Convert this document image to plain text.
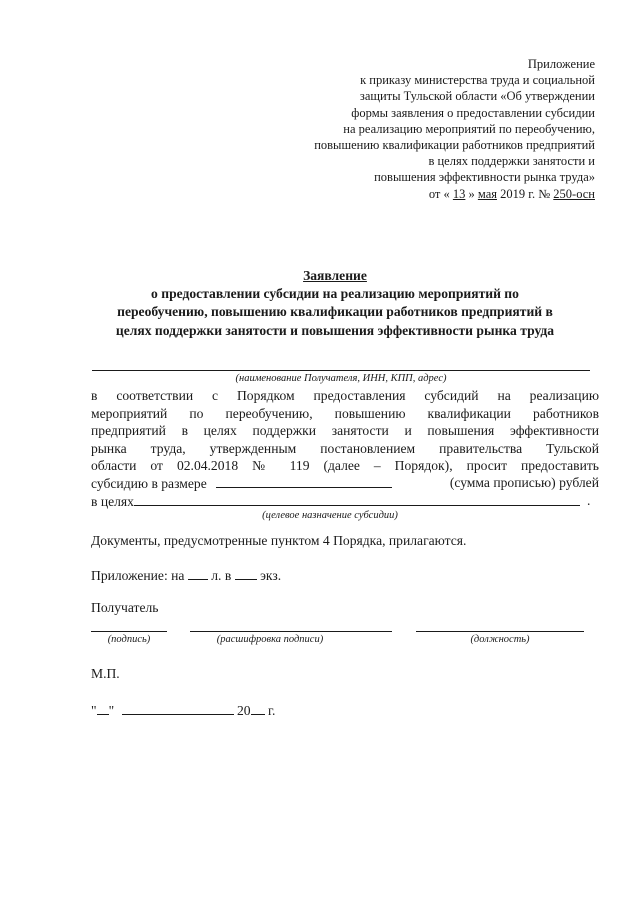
Приложение
к приказу министерства труда и социальной
защиты Тульской области «Об утверждении
формы заявления о предоставлении субсидии
на реализацию мероприятий по переобучению,
повышению квалификации работников предприятий
в целях поддержки занятости и
повышения эффективности рынка труда»
от « 13 » мая 2019 г. № 250-осн
Заявление
о предоставлении субсидии на реализацию мероприятий по
переобучению, повышению квалификации работников предприятий в
целях поддержки занятости и повышения эффективности рынка труда
(наименование Получателя, ИНН, КПП, адрес)
в соответствии с Порядком предоставления субсидий на реализацию
мероприятий по переобучению, повышению квалификации работников
предприятий в целях поддержки занятости и повышения эффективности
рынка труда, утвержденным постановлением правительства Тульской
области от 02.04.2018 № 119 (далее – Порядок), просит предоставить
субсидию в размере	(сумма прописью) рублей
в целях	.
(целевое назначение субсидии)
Документы, предусмотренные пунктом 4 Порядка, прилагаются.
Приложение: на л. в экз.
Получатель
(подпись)	(расшифровка подписи)	(должность)
М.П.
" "	20 г.
